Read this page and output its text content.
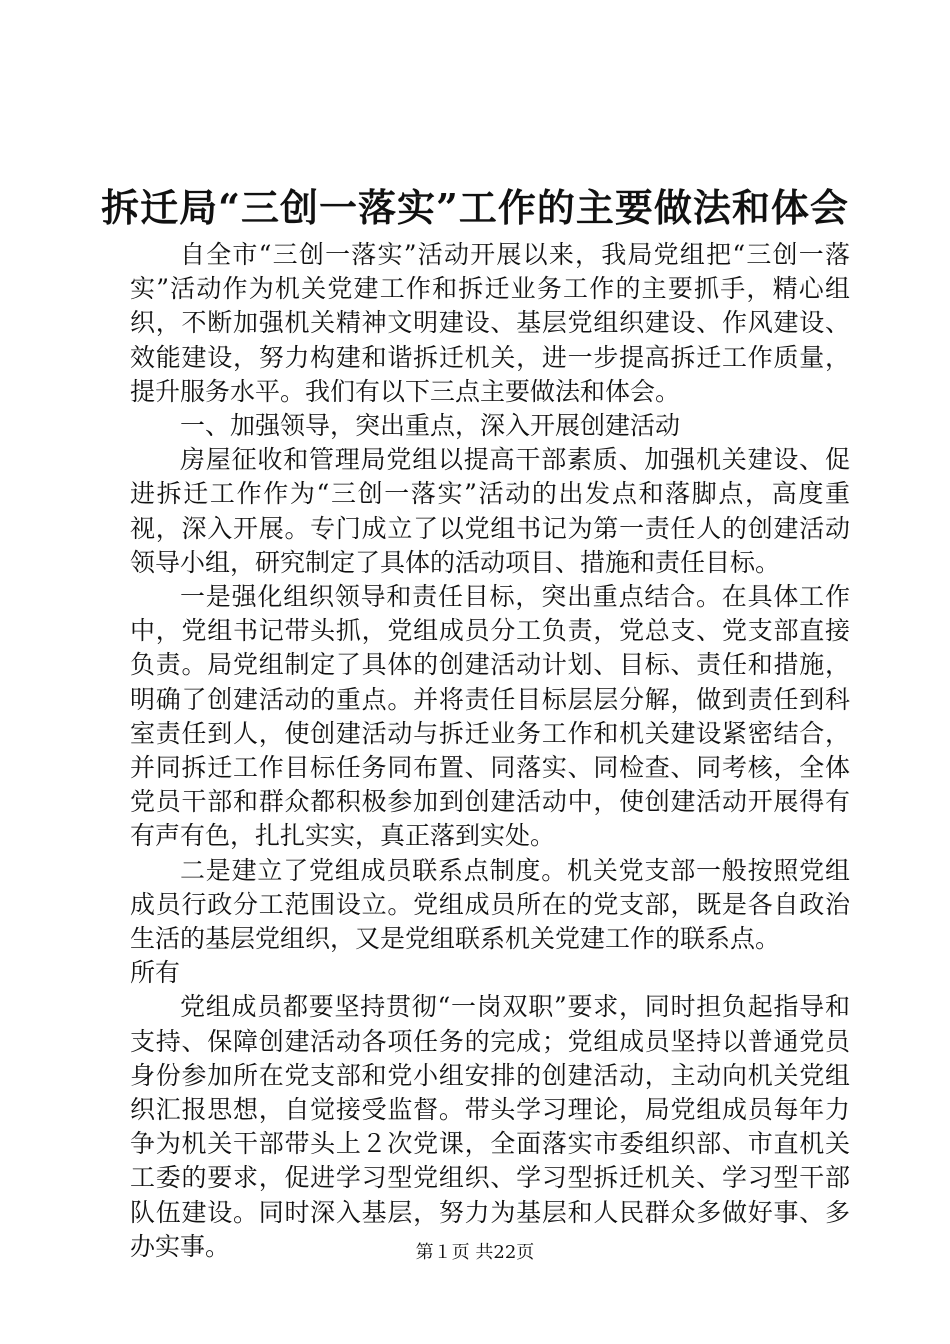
拆迁局“三创一落实”工作的主要做法和体会

自全市“三创一落实”活动开展以来，我局党组把“三创一落实”活动作为机关党建工作和拆迁业务工作的主要抓手，精心组织，不断加强机关精神文明建设、基层党组织建设、作风建设、效能建设，努力构建和谐拆迁机关，进一步提高拆迁工作质量，提升服务水平。我们有以下三点主要做法和体会。

一、加强领导，突出重点，深入开展创建活动

房屋征收和管理局党组以提高干部素质、加强机关建设、促进拆迁工作作为“三创一落实”活动的出发点和落脚点，高度重视，深入开展。专门成立了以党组书记为第一责任人的创建活动领导小组，研究制定了具体的活动项目、措施和责任目标。

一是强化组织领导和责任目标，突出重点结合。在具体工作中，党组书记带头抓，党组成员分工负责，党总支、党支部直接负责。局党组制定了具体的创建活动计划、目标、责任和措施，明确了创建活动的重点。并将责任目标层层分解，做到责任到科室责任到人，使创建活动与拆迁业务工作和机关建设紧密结合，并同拆迁工作目标任务同布置、同落实、同检查、同考核，全体党员干部和群众都积极参加到创建活动中，使创建活动开展得有有声有色，扎扎实实，真正落到实处。

二是建立了党组成员联系点制度。机关党支部一般按照党组成员行政分工范围设立。党组成员所在的党支部，既是各自政治生活的基层党组织，又是党组联系机关党建工作的联系点。

所有

党组成员都要坚持贯彻“一岗双职”要求，同时担负起指导和支持、保障创建活动各项任务的完成；党组成员坚持以普通党员身份参加所在党支部和党小组安排的创建活动，主动向机关党组织汇报思想，自觉接受监督。带头学习理论，局党组成员每年力争为机关干部带头上２次党课，全面落实市委组织部、市直机关工委的要求，促进学习型党组织、学习型拆迁机关、学习型干部队伍建设。同时深入基层，努力为基层和人民群众多做好事、多办实事。	第１页 共22页
